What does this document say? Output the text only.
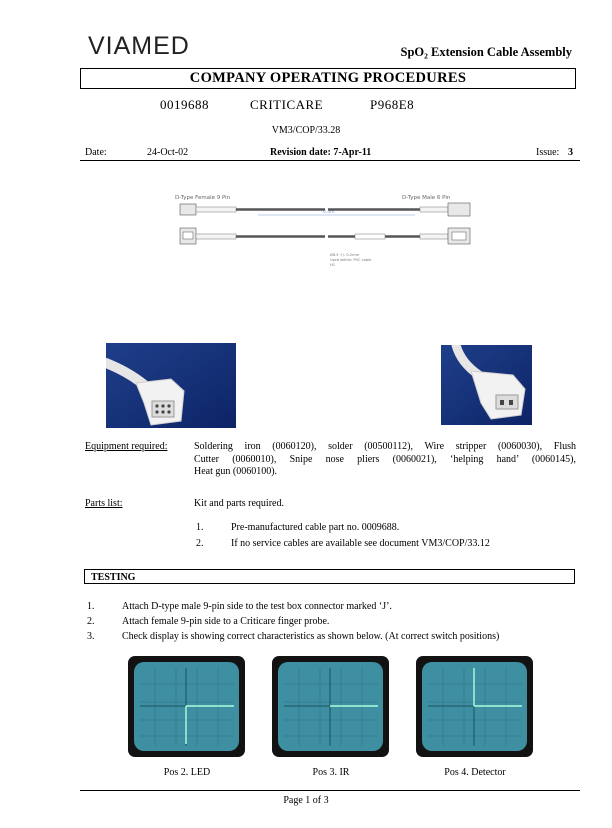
VIAMED	SpO₂ Extension Cable Assembly
COMPANY OPERATING PROCEDURES
0019688	CRITICARE	P968E8
VM3/COP/33.28
Date:	24-Oct-02	Revision date: 7-Apr-11	Issue: 3
D-Type Female 9 Pin	D-Type Male 6 Pin
0.4m
Ø6.5 +/- 0.2mm
Used within: PVC cable
H1
Equipment required:	Soldering iron (0060120), solder (00500112), Wire stripper (0060030), Flush
Cutter (0060010), Snipe nose pliers (0060021), ‘helping hand’ (0060145),
Heat gun (0060100).
Parts list:	Kit and parts required.
1.	Pre-manufactured cable part no. 0009688.
2.	If no service cables are available see document VM3/COP/33.12
TESTING
1.	Attach D-type male 9-pin side to the test box connector marked ‘J’.
2.	Attach female 9-pin side to a Criticare finger probe.
3.	Check display is showing correct characteristics as shown below. (At correct switch positions)
Pos 2. LED	Pos 3. IR	Pos 4. Detector
Page 1 of 3
